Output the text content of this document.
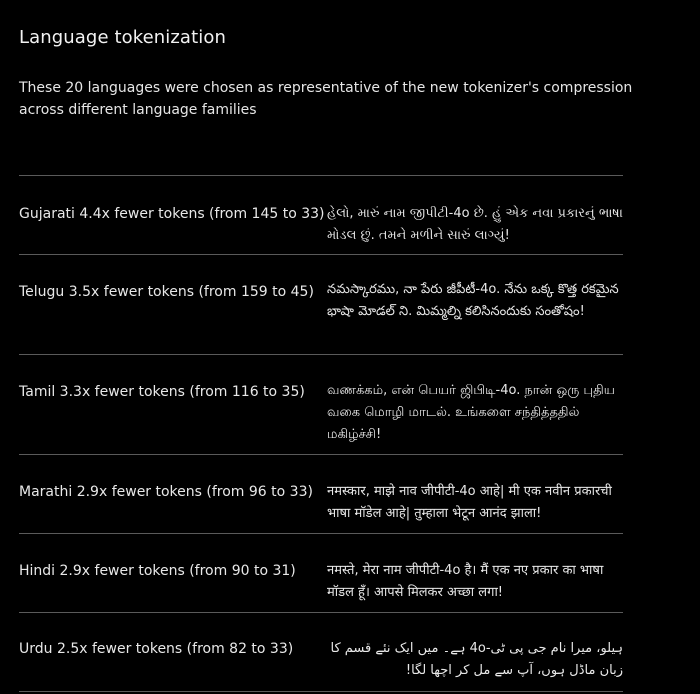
Language tokenization
These 20 languages were chosen as representative of the new tokenizer's compression across different language families
Gujarati 4.4x fewer tokens (from 145 to 33) હેલો, મારું નામ જીપીટી-4o છે. હું એક નવા પ્રકારનું ભાષા મોડલ છું. તમને મળીને સારું લાગ્યું!
Telugu 3.5x fewer tokens (from 159 to 45) నమస్కారము, నా పేరు జీపీటీ-4o. నేను ఒక్క కొత్త రకమైన భాషా మోడల్ ని. మిమ్మల్ని కలిసినందుకు సంతోషం!
Tamil 3.3x fewer tokens (from 116 to 35) வணக்கம், என் பெயர் ஜிபிடி-4o. நான் ஒரு புதிய வகை மொழி மாடல். உங்களை சந்தித்ததில் மகிழ்ச்சி!
Marathi 2.9x fewer tokens (from 96 to 33) नमस्कार, माझे नाव जीपीटी-4o आहे| मी एक नवीन प्रकारची भाषा मॉडेल आहे| तुम्हाला भेटून आनंद झाला!
Hindi 2.9x fewer tokens (from 90 to 31) नमस्ते, मेरा नाम जीपीटी-4o है। मैं एक नए प्रकार का भाषा मॉडल हूँ। आपसे मिलकर अच्छा लगा!
Urdu 2.5x fewer tokens (from 82 to 33)	ہیلو، میرا نام جی پی ٹی-4o ہے۔ میں ایک نئے قسم کا زبان ماڈل ہوں، آپ سے مل کر اچھا لگا!
